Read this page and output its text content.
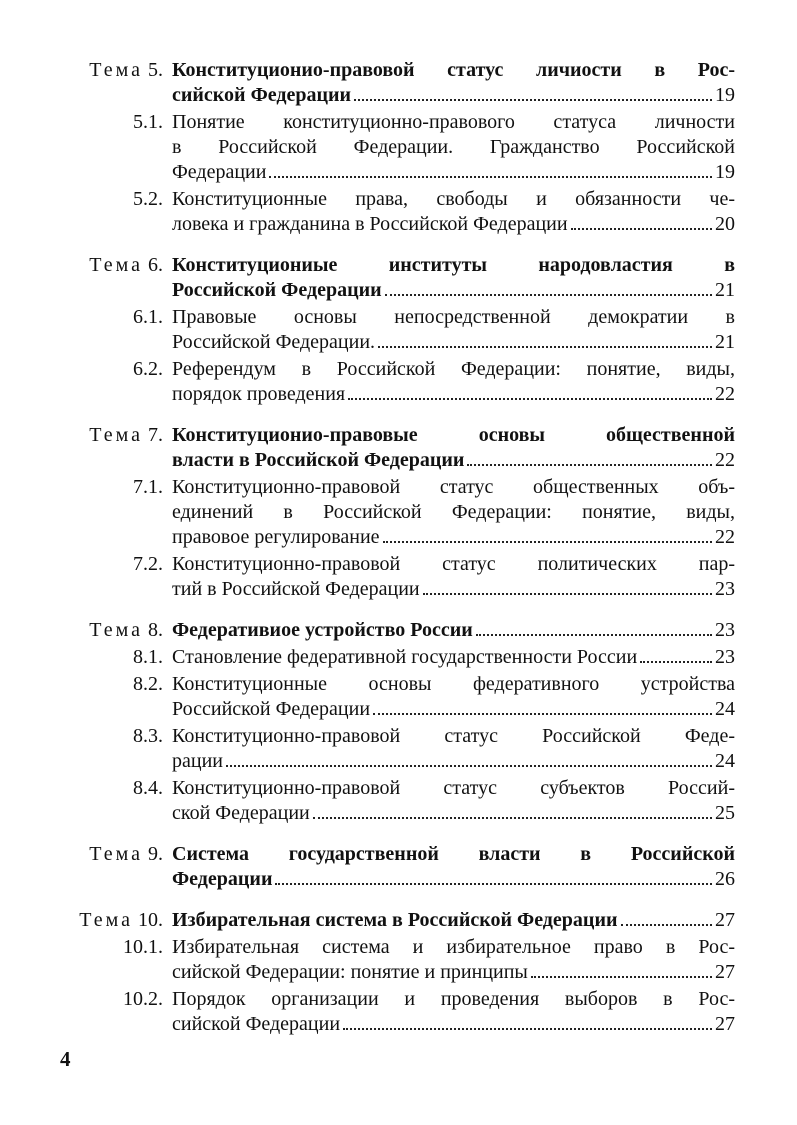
Тема 5. Конституционио-правовой статус личиости в Рос-
сийской Федерации	19
5.1. Понятие конституционно-правового статуса личности
в Российской Федерации. Гражданство Российской
Федерации	19
5.2. Конституционные права, свободы и обязанности че-
ловека и гражданина в Российской Федерации	20
Тема 6. Конституциониые институты народовластия в
Российской Федерации	21
6.1. Правовые основы непосредственной демократии в
Российской Федерации.	21
6.2. Референдум в Российской Федерации: понятие, виды,
порядок проведения	22
Тема 7. Конституционио-правовые основы общественной
власти в Российской Федерации	22
7.1. Конституционно-правовой статус общественных объ-
единений в Российской Федерации: понятие, виды,
правовое регулирование	22
7.2. Конституционно-правовой статус политических пар-
тий в Российской Федерации	23
Тема 8. Федеративиое устройство России	23
8.1. Становление федеративной государственности России	23
8.2. Конституционные основы федеративного устройства
Российской Федерации	24
8.3. Конституционно-правовой статус Российской Феде-
рации	24
8.4. Конституционно-правовой статус субъектов Россий-
ской Федерации	25
Тема 9. Система государственной власти в Российской
Федерации	26
Тема 10. Избирательная система в Российской Федерации	27
10.1. Избирательная система и избирательное право в Рос-
сийской Федерации: понятие и принципы	27
10.2. Порядок организации и проведения выборов в Рос-
сийской Федерации	27
4
